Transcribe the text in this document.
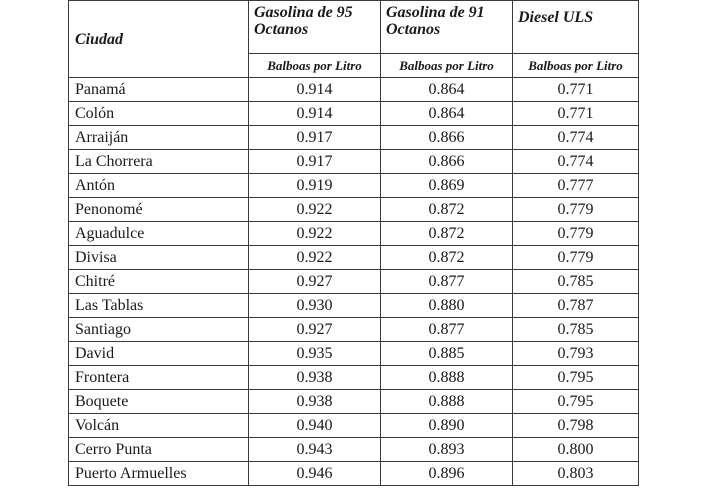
Ciudad	Gasolina de 95 Octanos	Gasolina de 91 Octanos	Diesel ULS
	Balboas por Litro	Balboas por Litro	Balboas por Litro
Panamá	0.914	0.864	0.771
Colón	0.914	0.864	0.771
Arraiján	0.917	0.866	0.774
La Chorrera	0.917	0.866	0.774
Antón	0.919	0.869	0.777
Penonomé	0.922	0.872	0.779
Aguadulce	0.922	0.872	0.779
Divisa	0.922	0.872	0.779
Chitré	0.927	0.877	0.785
Las Tablas	0.930	0.880	0.787
Santiago	0.927	0.877	0.785
David	0.935	0.885	0.793
Frontera	0.938	0.888	0.795
Boquete	0.938	0.888	0.795
Volcán	0.940	0.890	0.798
Cerro Punta	0.943	0.893	0.800
Puerto Armuelles	0.946	0.896	0.803
